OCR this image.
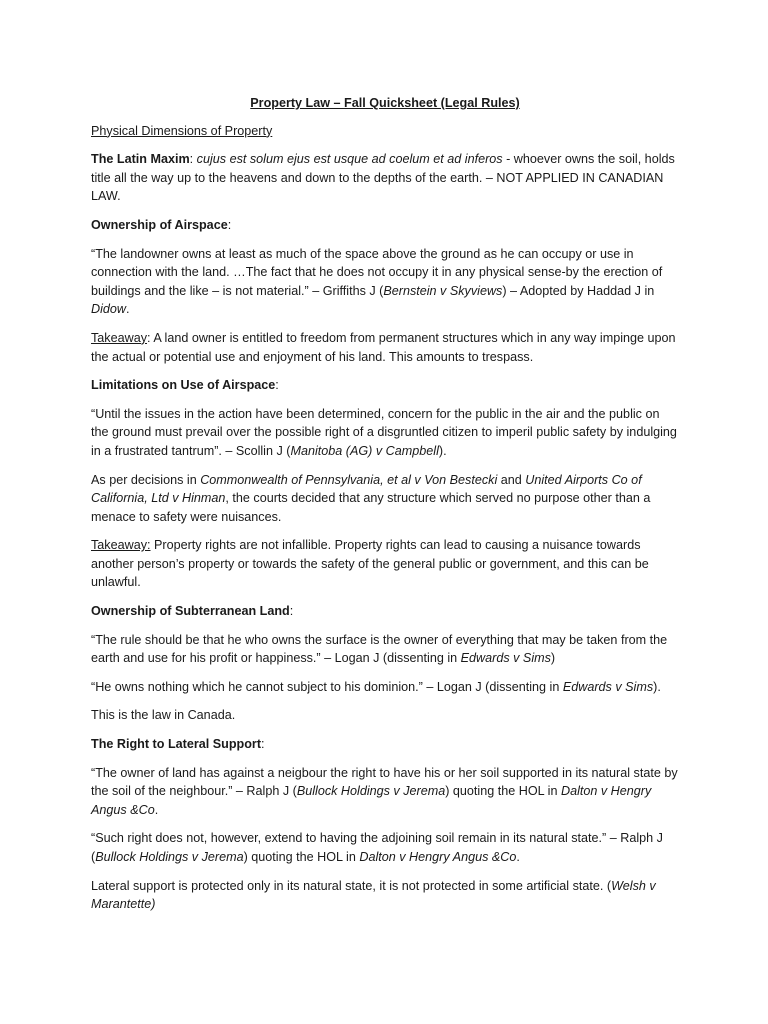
Property Law – Fall Quicksheet (Legal Rules)

Physical Dimensions of Property

The Latin Maxim: cujus est solum ejus est usque ad coelum et ad inferos - whoever owns the soil, holds title all the way up to the heavens and down to the depths of the earth. – NOT APPLIED IN CANADIAN LAW.

Ownership of Airspace:

“The landowner owns at least as much of the space above the ground as he can occupy or use in connection with the land. …The fact that he does not occupy it in any physical sense-by the erection of buildings and the like – is not material.” – Griffiths J (Bernstein v Skyviews) – Adopted by Haddad J in Didow.

Takeaway: A land owner is entitled to freedom from permanent structures which in any way impinge upon the actual or potential use and enjoyment of his land. This amounts to trespass.

Limitations on Use of Airspace:

“Until the issues in the action have been determined, concern for the public in the air and the public on the ground must prevail over the possible right of a disgruntled citizen to imperil public safety by indulging in a frustrated tantrum”. – Scollin J (Manitoba (AG) v Campbell).

As per decisions in Commonwealth of Pennsylvania, et al v Von Bestecki and United Airports Co of California, Ltd v Hinman, the courts decided that any structure which served no purpose other than a menace to safety were nuisances.

Takeaway: Property rights are not infallible. Property rights can lead to causing a nuisance towards another person’s property or towards the safety of the general public or government, and this can be unlawful.

Ownership of Subterranean Land:

“The rule should be that he who owns the surface is the owner of everything that may be taken from the earth and use for his profit or happiness.” – Logan J (dissenting in Edwards v Sims)

“He owns nothing which he cannot subject to his dominion.” – Logan J (dissenting in Edwards v Sims).

This is the law in Canada.

The Right to Lateral Support:

“The owner of land has against a neigbour the right to have his or her soil supported in its natural state by the soil of the neighbour.” – Ralph J (Bullock Holdings v Jerema) quoting the HOL in Dalton v Hengry Angus &Co.

“Such right does not, however, extend to having the adjoining soil remain in its natural state.” – Ralph J (Bullock Holdings v Jerema) quoting the HOL in Dalton v Hengry Angus &Co.

Lateral support is protected only in its natural state, it is not protected in some artificial state. (Welsh v Marantette)
